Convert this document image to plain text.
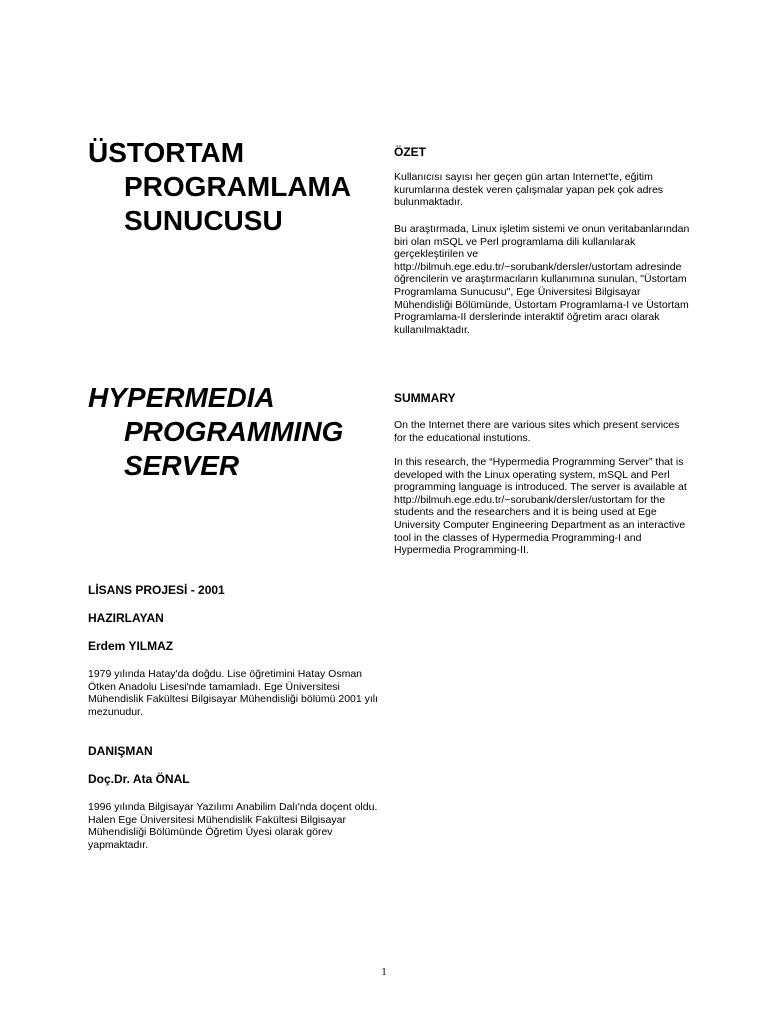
ÜSTORTAM
PROGRAMLAMA
SUNUCUSU
HYPERMEDIA
PROGRAMMING
SERVER
LİSANS PROJESİ - 2001
HAZIRLAYAN
Erdem YILMAZ

1979 yılında Hatay'da doğdu. Lise öğretimini Hatay Osman Ötken Anadolu Lisesi'nde tamamladı. Ege Üniversitesi Mühendislik Fakültesi Bilgisayar Mühendisliği bölümü 2001 yılı mezunudur.

DANIŞMAN
Doç.Dr. Ata ÖNAL

1996 yılında Bilgisayar Yazılımı Anabilim Dalı'nda doçent oldu. Halen Ege Üniversitesi Mühendislik Fakültesi Bilgisayar Mühendisliği Bölümünde Öğretim Üyesi olarak görev yapmaktadır.

ÖZET

Kullanıcısı sayısı her geçen gün artan Internet'te, eğitim kurumlarına destek veren çalışmalar yapan pek çok adres bulunmaktadır.

Bu araştırmada, Linux işletim sistemi ve onun veritabanlarından biri olan mSQL ve Perl programlama dili kullanılarak gerçekleştirilen ve http://bilmuh.ege.edu.tr/~sorubank/dersler/ustortam adresinde öğrencilerin ve araştırmacıların kullanımına sunulan, "Üstortam Programlama Sunucusu", Ege Üniversitesi Bilgisayar Mühendisliği Bölümünde, Üstortam Programlama-I ve Üstortam Programlama-II derslerinde interaktif öğretim aracı olarak kullanılmaktadır.

SUMMARY

On the Internet there are various sites which present services for the educational instutions.

In this research, the “Hypermedia Programming Server” that is developed with the Linux operating system, mSQL and Perl programming language is introduced. The server is available at http://bilmuh.ege.edu.tr/~sorubank/dersler/ustortam for the students and the researchers and it is being used at Ege University Computer Engineering Department as an interactive tool in the classes of Hypermedia Programming-I and Hypermedia Programming-II.

1
